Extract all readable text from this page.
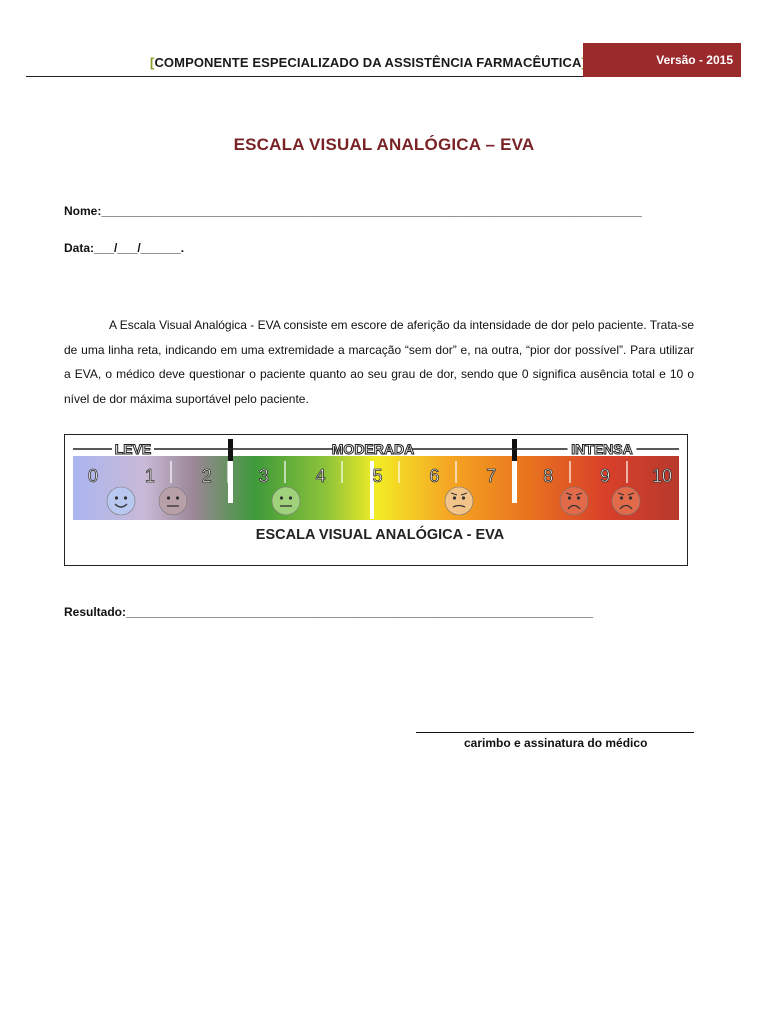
[COMPONENTE ESPECIALIZADO DA ASSISTÊNCIA FARMACÊUTICA	Versão - 2015
ESCALA VISUAL ANALÓGICA – EVA
Nome:_________________________________________________________________________________
Data:___/___/______.
A Escala Visual Analógica - EVA consiste em escore de aferição da intensidade de dor pelo paciente. Trata-se de uma linha reta, indicando em uma extremidade a marcação “sem dor” e, na outra, “pior dor possível”. Para utilizar a EVA, o médico deve questionar o paciente quanto ao seu grau de dor, sendo que 0 significa ausência total e 10 o nível de dor máxima suportável pelo paciente.
LEVE	MODERADA	INTENSA
0	1	2	3	4	5	6	7	8	9 10
ESCALA VISUAL ANALÓGICA - EVA
Resultado:______________________________________________________________________
carimbo e assinatura do médico
